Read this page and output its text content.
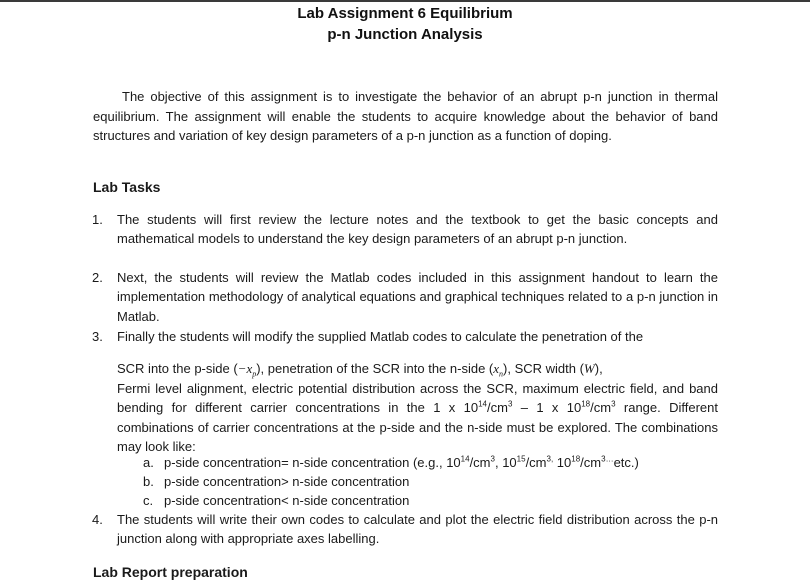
Lab Assignment 6 Equilibrium
p-n Junction Analysis
The objective of this assignment is to investigate the behavior of an abrupt p-n junction in thermal equilibrium. The assignment will enable the students to acquire knowledge about the behavior of band structures and variation of key design parameters of a p-n junction as a function of doping.
Lab Tasks
1. The students will first review the lecture notes and the textbook to get the basic concepts and mathematical models to understand the key design parameters of an abrupt p-n junction.
2. Next, the students will review the Matlab codes included in this assignment handout to learn the implementation methodology of analytical equations and graphical techniques related to a p-n junction in Matlab.
3. Finally the students will modify the supplied Matlab codes to calculate the penetration of the
SCR into the p-side $(-x_p)$, penetration of the SCR into the n-side $(x_n)$, SCR width (W),
Fermi level alignment, electric potential distribution across the SCR, maximum electric field, and band bending for different carrier concentrations in the 1 x $10^{14}/cm^3 - 1$ x $10^{18}/cm^3$ range. Different combinations of carrier concentrations at the p-side and the n-side must be explored. The combinations may look like:
a. p-side concentration= n-side concentration (e.g., $10^{14}/cm^3$, $10^{15}/cm^{3,}$ $10^{18}/cm^{3\dots}etc$.)
b. p-side concentration> n-side concentration
c. p-side concentration< n-side concentration
4. The students will write their own codes to calculate and plot the electric field distribution across the p-n junction along with appropriate axes labelling.
Lab Report preparation
